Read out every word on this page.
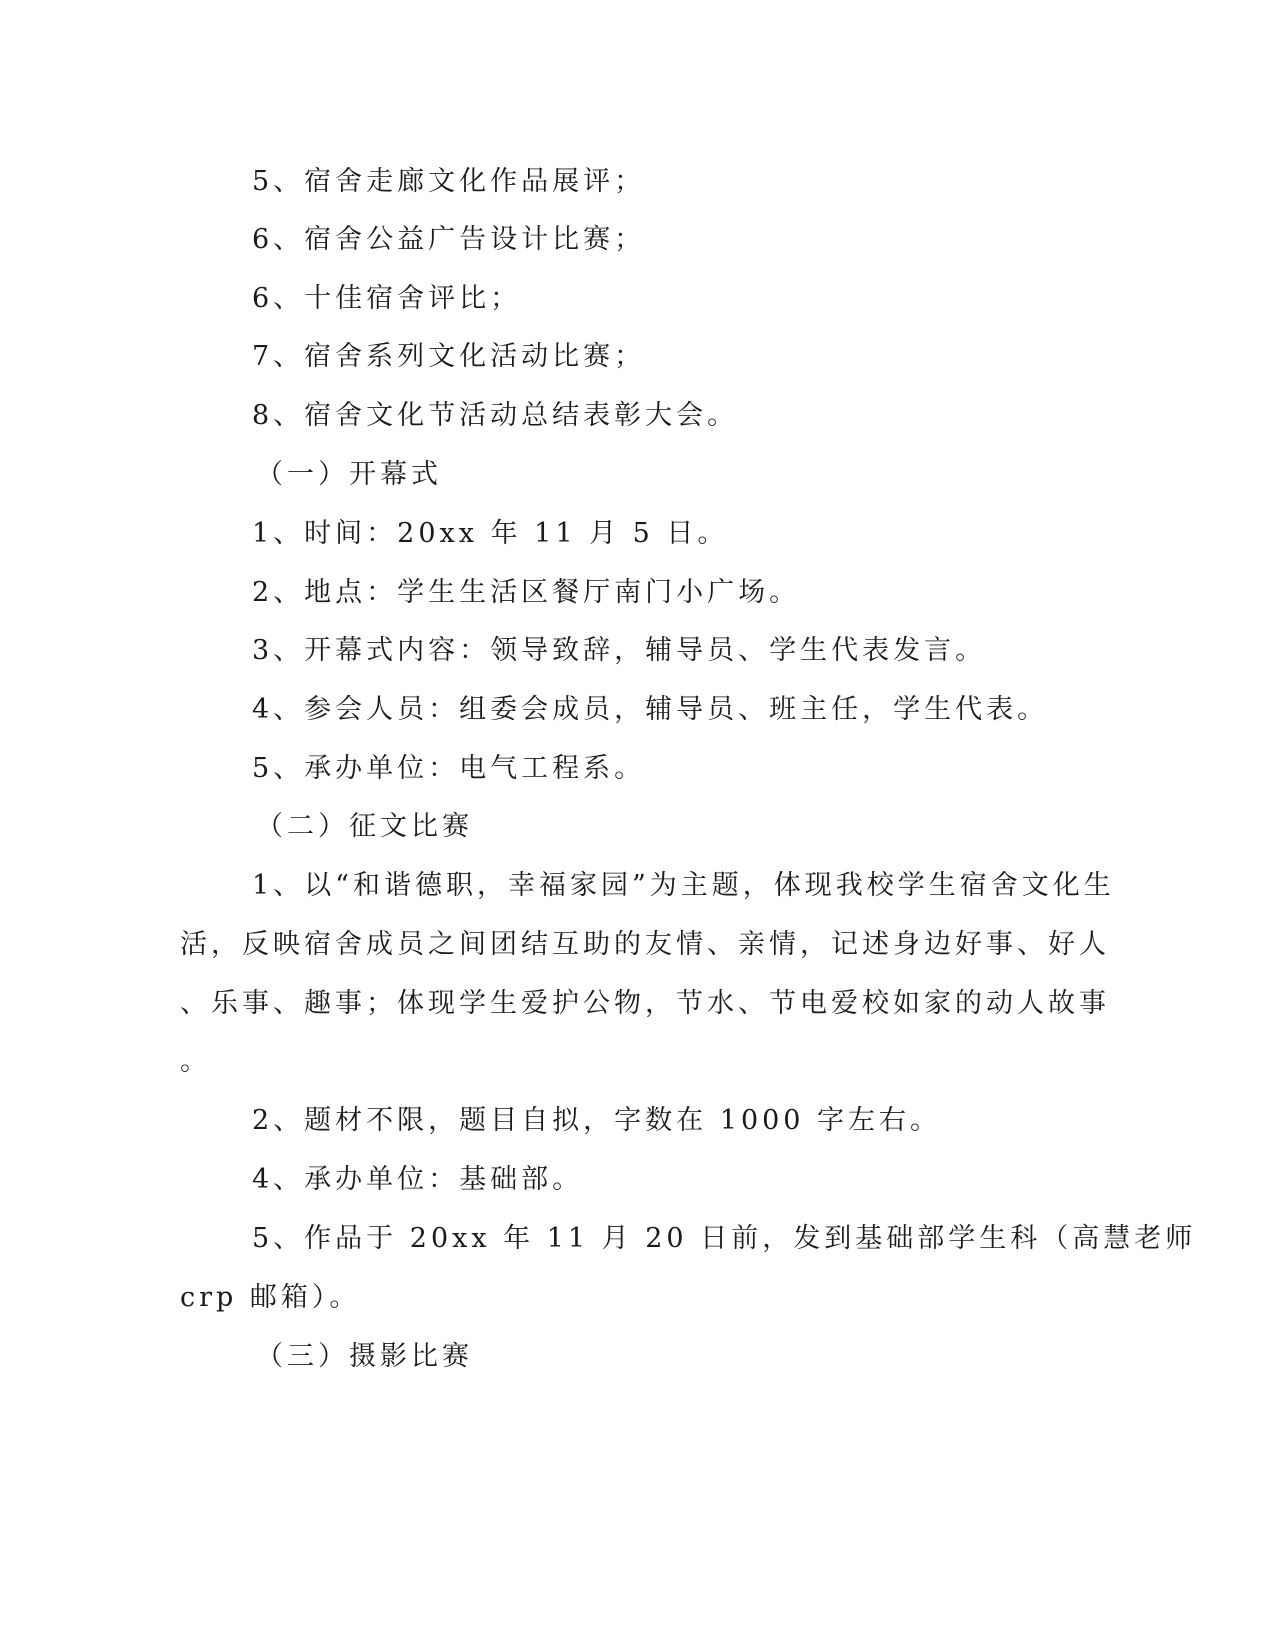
5、宿舍走廊文化作品展评；
6、宿舍公益广告设计比赛；
6、十佳宿舍评比；
7、宿舍系列文化活动比赛；
8、宿舍文化节活动总结表彰大会。
（一）开幕式
1、时间：20xx 年 11 月 5 日。
2、地点：学生生活区餐厅南门小广场。
3、开幕式内容：领导致辞，辅导员、学生代表发言。
4、参会人员：组委会成员，辅导员、班主任，学生代表。
5、承办单位：电气工程系。
（二）征文比赛
1、以“和谐德职，幸福家园”为主题，体现我校学生宿舍文化生
活，反映宿舍成员之间团结互助的友情、亲情，记述身边好事、好人
、乐事、趣事；体现学生爱护公物，节水、节电爱校如家的动人故事
。
2、题材不限，题目自拟，字数在 1000 字左右。
4、承办单位：基础部。
5、作品于 20xx 年 11 月 20 日前，发到基础部学生科（高慧老师
crp 邮箱）。
（三）摄影比赛
